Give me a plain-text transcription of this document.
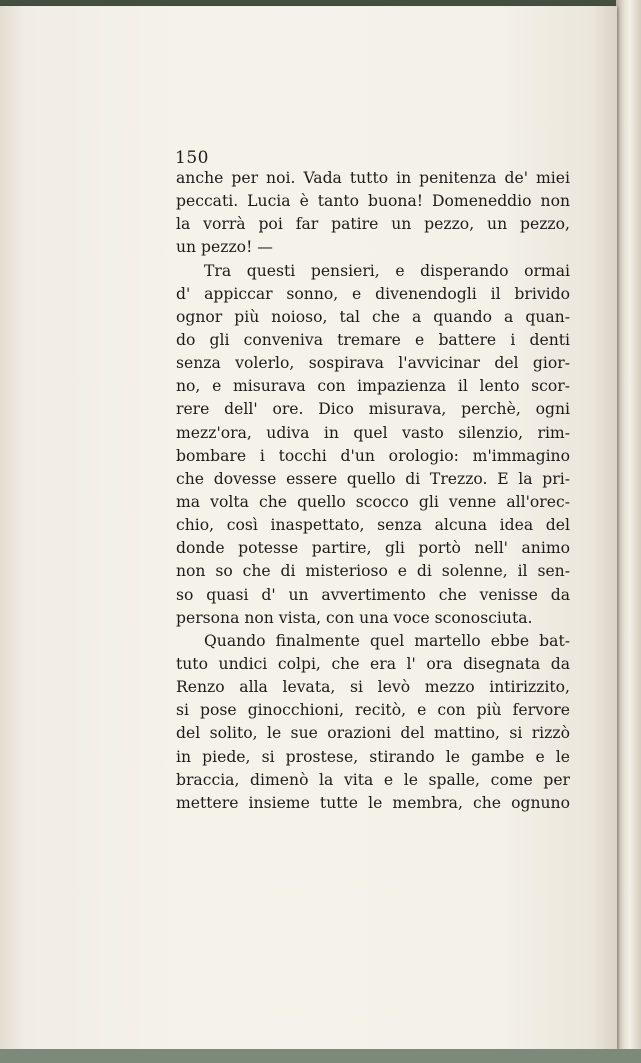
150
anche per noi. Vada tutto in penitenza de' miei
peccati. Lucia è tanto buona! Domeneddio non
la vorrà poi far patire un pezzo, un pezzo,
un pezzo! —
Tra questi pensieri, e disperando ormai
d' appiccar sonno, e divenendogli il brivido
ognor più noioso, tal che a quando a quan-
do gli conveniva tremare e battere i denti
senza volerlo, sospirava l'avvicinar del gior-
no, e misurava con impazienza il lento scor-
rere dell' ore. Dico misurava, perchè, ogni
mezz'ora, udiva in quel vasto silenzio, rim-
bombare i tocchi d'un orologio: m'immagino
che dovesse essere quello di Trezzo. E la pri-
ma volta che quello scocco gli venne all'orec-
chio, così inaspettato, senza alcuna idea del
donde potesse partire, gli portò nell' animo
non so che di misterioso e di solenne, il sen-
so quasi d' un avvertimento che venisse da
persona non vista, con una voce sconosciuta.
Quando finalmente quel martello ebbe bat-
tuto undici colpi, che era l' ora disegnata da
Renzo alla levata, si levò mezzo intirizzito,
si pose ginocchioni, recitò, e con più fervore
del solito, le sue orazioni del mattino, si rizzò
in piede, si prostese, stirando le gambe e le
braccia, dimenò la vita e le spalle, come per
mettere insieme tutte le membra, che ognuno
